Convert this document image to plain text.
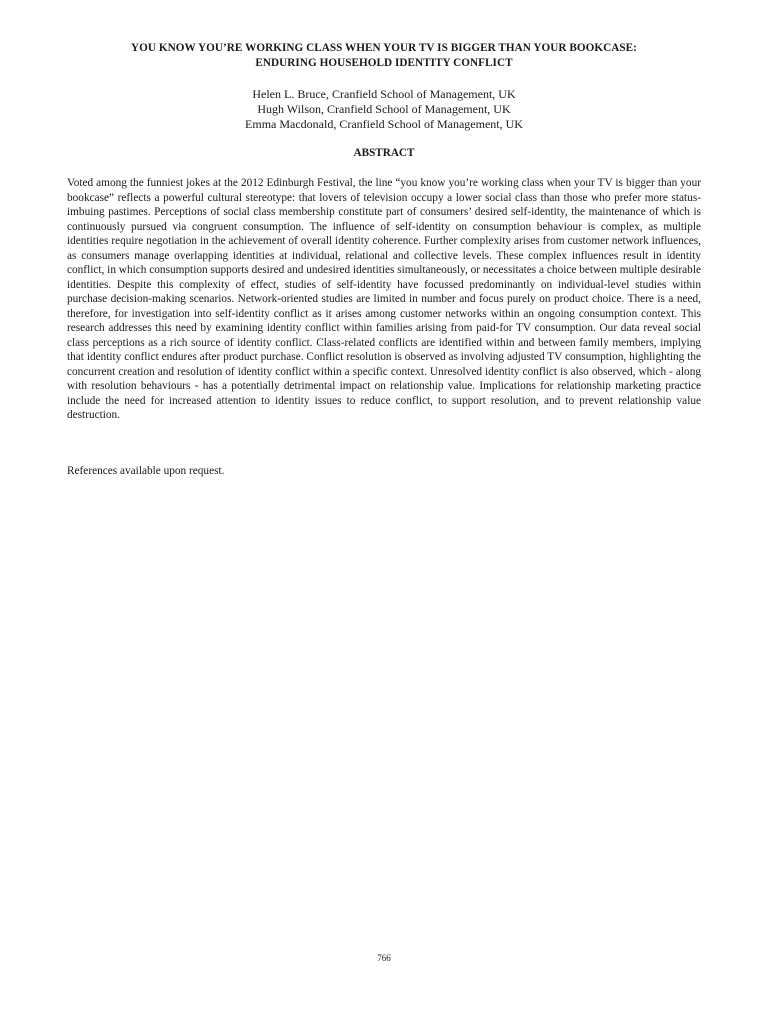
YOU KNOW YOU’RE WORKING CLASS WHEN YOUR TV IS BIGGER THAN YOUR BOOKCASE:
ENDURING HOUSEHOLD IDENTITY CONFLICT
Helen L. Bruce, Cranfield School of Management, UK
Hugh Wilson, Cranfield School of Management, UK
Emma Macdonald, Cranfield School of Management, UK
ABSTRACT
Voted among the funniest jokes at the 2012 Edinburgh Festival, the line “you know you’re working class when your TV is bigger than your bookcase” reflects a powerful cultural stereotype: that lovers of television occupy a lower social class than those who prefer more status-imbuing pastimes. Perceptions of social class membership constitute part of consumers’ desired self-identity, the maintenance of which is continuously pursued via congruent consumption. The influence of self-identity on consumption behaviour is complex, as multiple identities require negotiation in the achievement of overall identity coherence. Further complexity arises from customer network influences, as consumers manage overlapping identities at individual, relational and collective levels. These complex influences result in identity conflict, in which consumption supports desired and undesired identities simultaneously, or necessitates a choice between multiple desirable identities. Despite this complexity of effect, studies of self-identity have focussed predominantly on individual-level studies within purchase decision-making scenarios. Network-oriented studies are limited in number and focus purely on product choice. There is a need, therefore, for investigation into self-identity conflict as it arises among customer networks within an ongoing consumption context. This research addresses this need by examining identity conflict within families arising from paid-for TV consumption. Our data reveal social class perceptions as a rich source of identity conflict. Class-related conflicts are identified within and between family members, implying that identity conflict endures after product purchase. Conflict resolution is observed as involving adjusted TV consumption, highlighting the concurrent creation and resolution of identity conflict within a specific context. Unresolved identity conflict is also observed, which - along with resolution behaviours - has a potentially detrimental impact on relationship value. Implications for relationship marketing practice include the need for increased attention to identity issues to reduce conflict, to support resolution, and to prevent relationship value destruction.
References available upon request.
766
